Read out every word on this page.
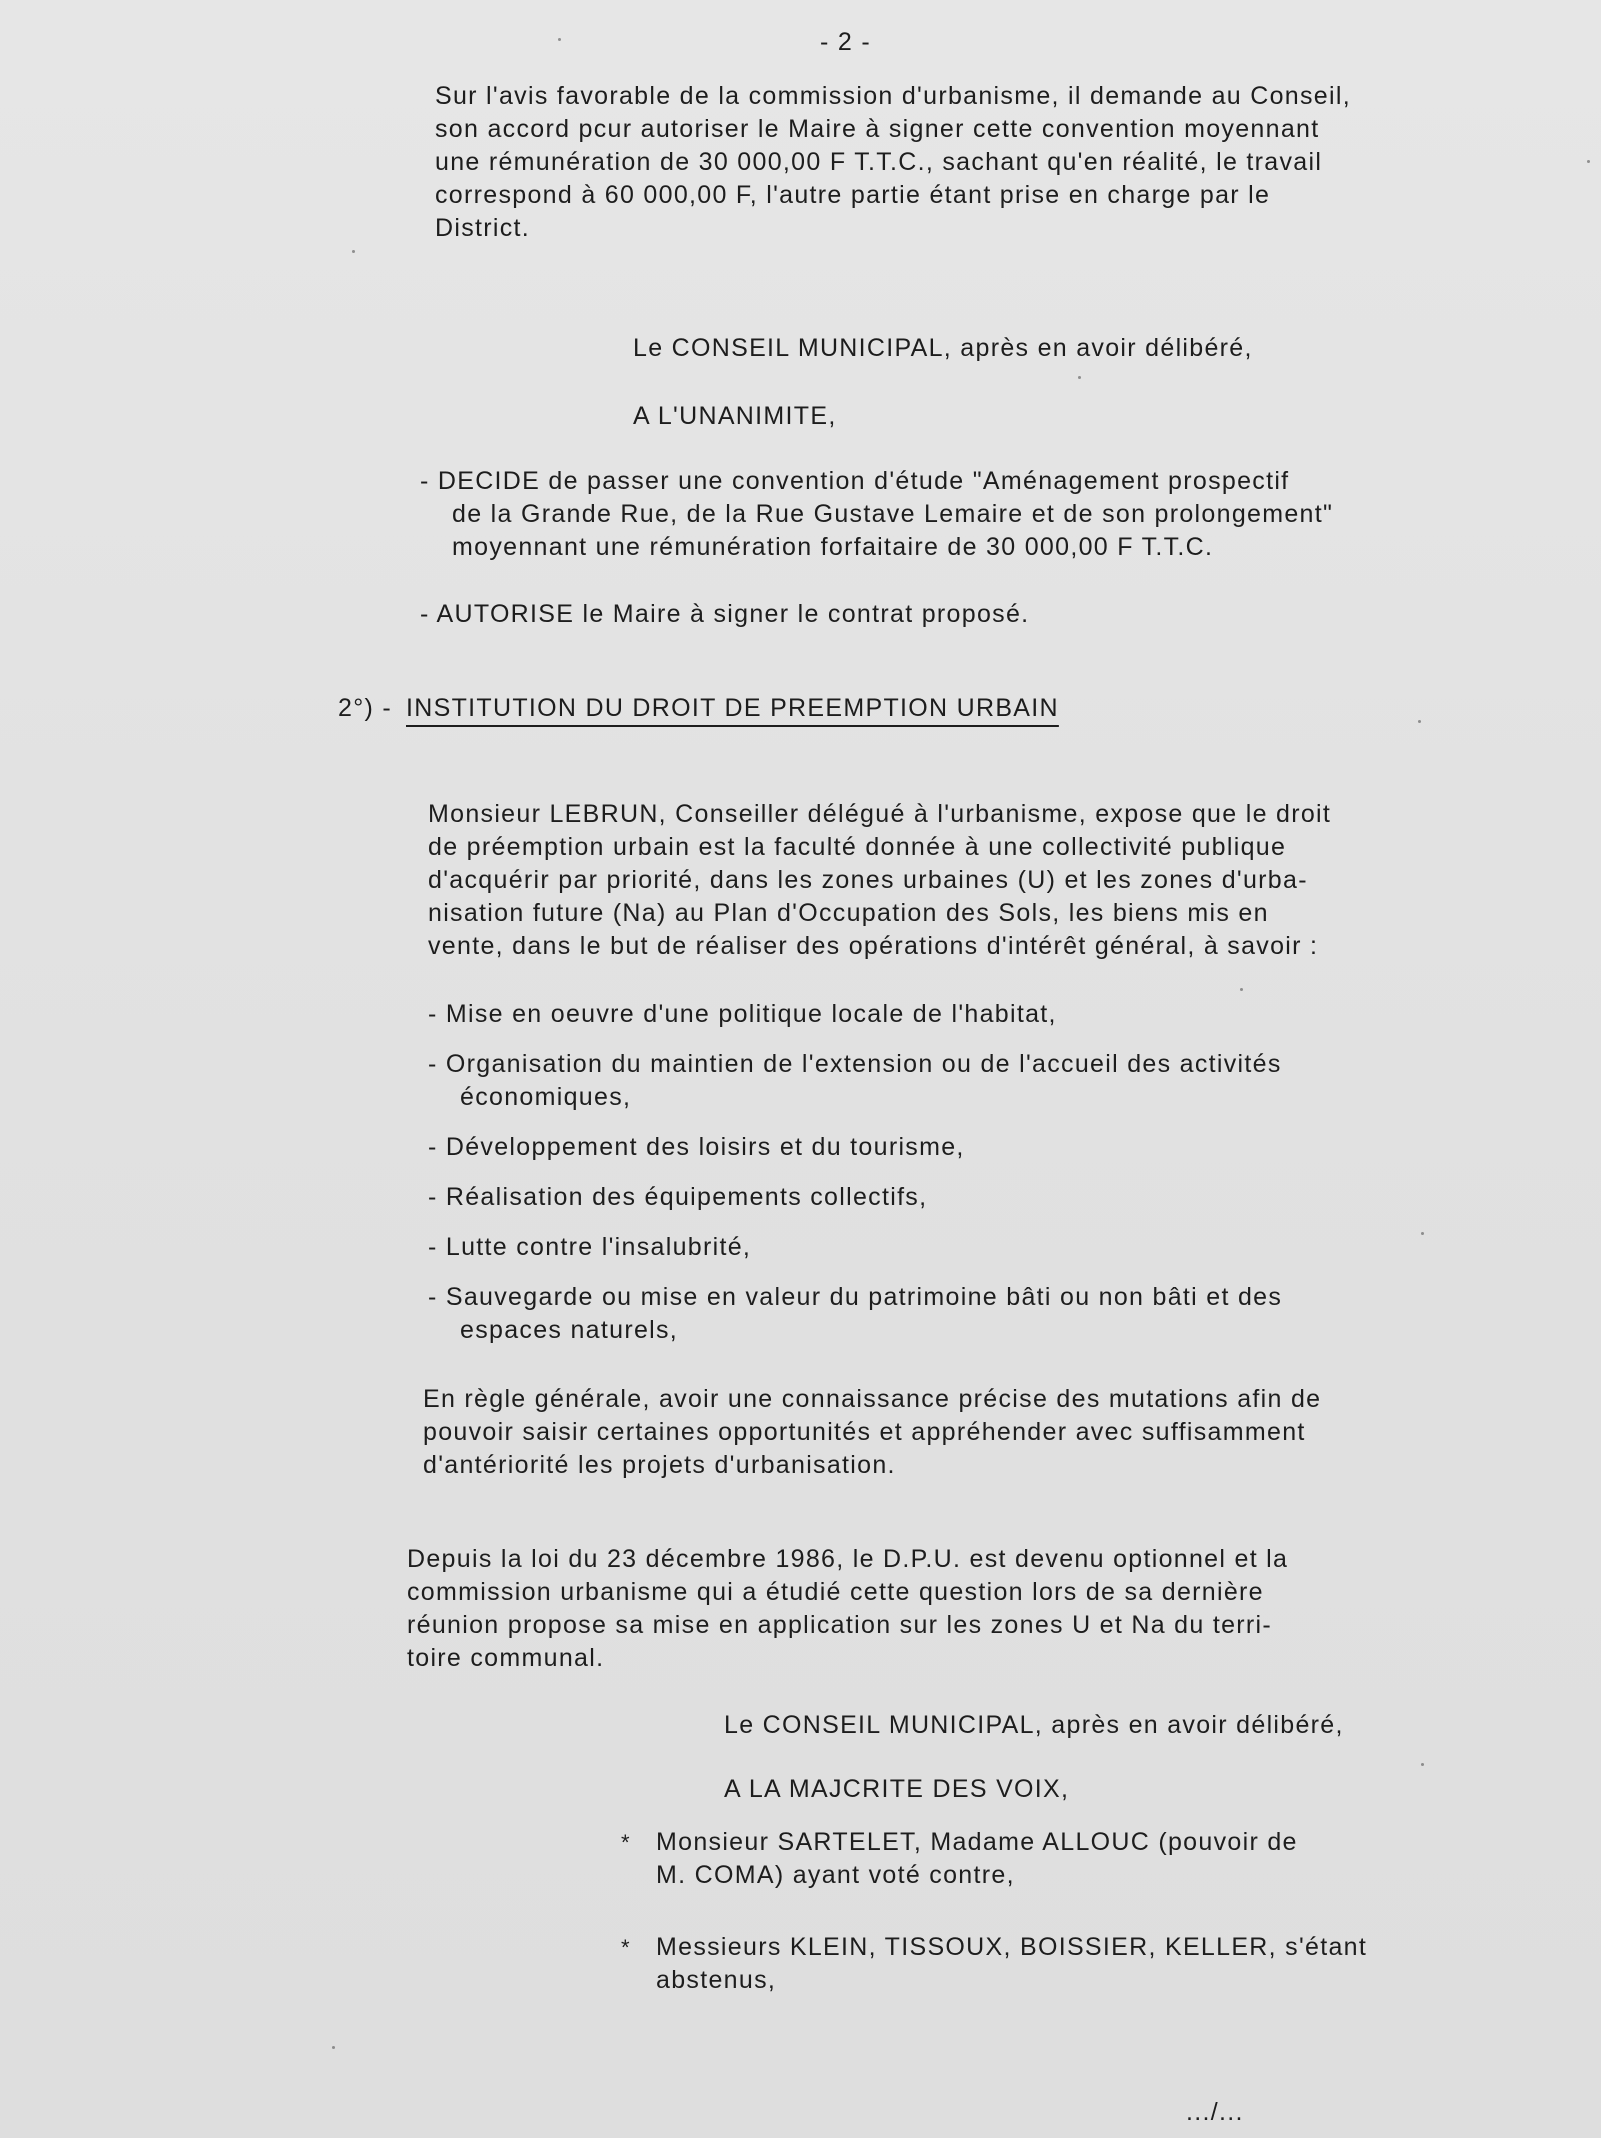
- 2 -
Sur l'avis favorable de la commission d'urbanisme, il demande au Conseil,
son accord pcur autoriser le Maire à signer cette convention moyennant
une rémunération de 30 000,00 F T.T.C., sachant qu'en réalité, le travail
correspond à 60 000,00 F, l'autre partie étant prise en charge par le
District.
Le CONSEIL MUNICIPAL, après en avoir délibéré,
A L'UNANIMITE,
- DECIDE de passer une convention d'étude "Aménagement prospectif
de la Grande Rue, de la Rue Gustave Lemaire et de son prolongement"
moyennant une rémunération forfaitaire de 30 000,00 F T.T.C.
- AUTORISE le Maire à signer le contrat proposé.
2°) - INSTITUTION DU DROIT DE PREEMPTION URBAIN
Monsieur LEBRUN, Conseiller délégué à l'urbanisme, expose que le droit
de préemption urbain est la faculté donnée à une collectivité publique
d'acquérir par priorité, dans les zones urbaines (U) et les zones d'urba-
nisation future (Na) au Plan d'Occupation des Sols, les biens mis en
vente, dans le but de réaliser des opérations d'intérêt général, à savoir :
- Mise en oeuvre d'une politique locale de l'habitat,
- Organisation du maintien de l'extension ou de l'accueil des activités
économiques,
- Développement des loisirs et du tourisme,
- Réalisation des équipements collectifs,
- Lutte contre l'insalubrité,
- Sauvegarde ou mise en valeur du patrimoine bâti ou non bâti et des
espaces naturels,
En règle générale, avoir une connaissance précise des mutations afin de
pouvoir saisir certaines opportunités et appréhender avec suffisamment
d'antériorité les projets d'urbanisation.
Depuis la loi du 23 décembre 1986, le D.P.U. est devenu optionnel et la
commission urbanisme qui a étudié cette question lors de sa dernière
réunion propose sa mise en application sur les zones U et Na du terri-
toire communal.
Le CONSEIL MUNICIPAL, après en avoir délibéré,
A LA MAJCRITE DES VOIX,
*	Monsieur SARTELET, Madame ALLOUC (pouvoir de
M. COMA) ayant voté contre,
*	Messieurs KLEIN, TISSOUX, BOISSIER, KELLER, s'étant
abstenus,
.../...
